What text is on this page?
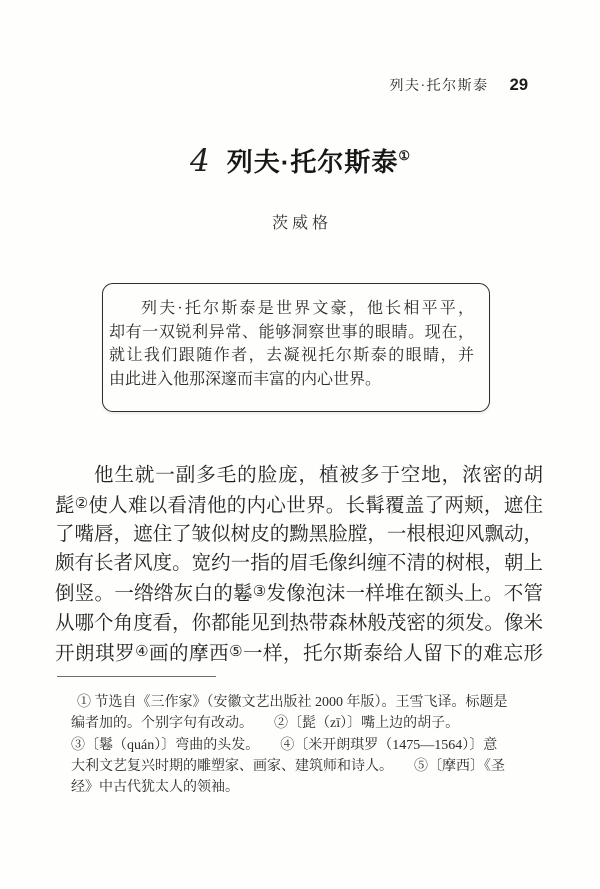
列夫·托尔斯泰 29
4 列夫·托尔斯泰①
茨威格
列夫·托尔斯泰是世界文豪，他长相平平，
却有一双锐利异常、能够洞察世事的眼睛。现在，
就让我们跟随作者，去凝视托尔斯泰的眼睛，并
由此进入他那深邃而丰富的内心世界。
他生就一副多毛的脸庞，植被多于空地，浓密的胡
髭②使人难以看清他的内心世界。长髯覆盖了两颊，遮住
了嘴唇，遮住了皱似树皮的黝黑脸膛，一根根迎风飘动，
颇有长者风度。宽约一指的眉毛像纠缠不清的树根，朝上
倒竖。一绺绺灰白的鬈③发像泡沫一样堆在额头上。不管
从哪个角度看，你都能见到热带森林般茂密的须发。像米
开朗琪罗④画的摩西⑤一样，托尔斯泰给人留下的难忘形
① 节选自《三作家》（安徽文艺出版社 2000 年版）。王雪飞译。标题是
编者加的。个别字句有改动。　　②〔髭（zī）〕嘴上边的胡子。
③〔鬈（quán）〕弯曲的头发。　　④〔米开朗琪罗（1475—1564）〕意
大利文艺复兴时期的雕塑家、画家、建筑师和诗人。　　⑤〔摩西〕《圣
经》中古代犹太人的领袖。
